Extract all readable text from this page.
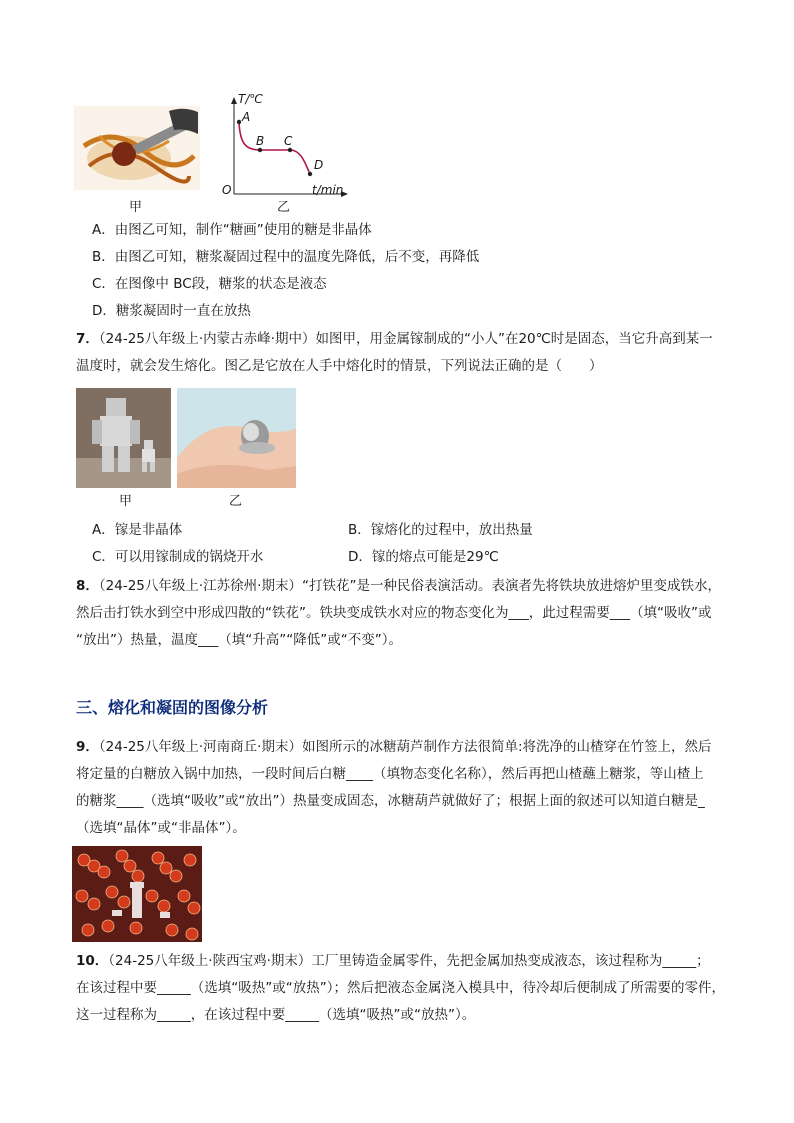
甲
T/℃
A
B C
D
O	t/min
乙
A．由图乙可知，制作“糖画”使用的糖是非晶体
B．由图乙可知，糖浆凝固过程中的温度先降低，后不变，再降低
C．在图像中 BC段，糖浆的状态是液态
D．糖浆凝固时一直在放热
7．（24-25八年级上·内蒙古赤峰·期中）如图甲，用金属镓制成的“小人”在20℃时是固态，当它升高到某一
温度时，就会发生熔化。图乙是它放在人手中熔化时的情景，下列说法正确的是（　　）
甲	乙
A．镓是非晶体	B．镓熔化的过程中，放出热量
C．可以用镓制成的锅烧开水	D．镓的熔点可能是29℃
8．（24-25八年级上·江苏徐州·期末）“打铁花”是一种民俗表演活动。表演者先将铁块放进熔炉里变成铁水，
然后击打铁水到空中形成四散的“铁花”。铁块变成铁水对应的物态变化为___，此过程需要___（填“吸收”或
“放出”）热量，温度___（填“升高”“降低”或“不变”）。
三、熔化和凝固的图像分析
9．（24-25八年级上·河南商丘·期末）如图所示的冰糖葫芦制作方法很简单:将洗净的山楂穿在竹签上，然后
将定量的白糖放入锅中加热，一段时间后白糖____（填物态变化名称），然后再把山楂蘸上糖浆，等山楂上
的糖浆____（选填“吸收”或“放出”）热量变成固态，冰糖葫芦就做好了；根据上面的叙述可以知道白糖是_
（选填“晶体”或“非晶体”）。
10．（24-25八年级上·陕西宝鸡·期末）工厂里铸造金属零件，先把金属加热变成液态，该过程称为_____；
在该过程中要_____（选填“吸热”或“放热”）；然后把液态金属浇入模具中，待冷却后便制成了所需要的零件，
这一过程称为_____，在该过程中要_____（选填“吸热”或“放热”）。
